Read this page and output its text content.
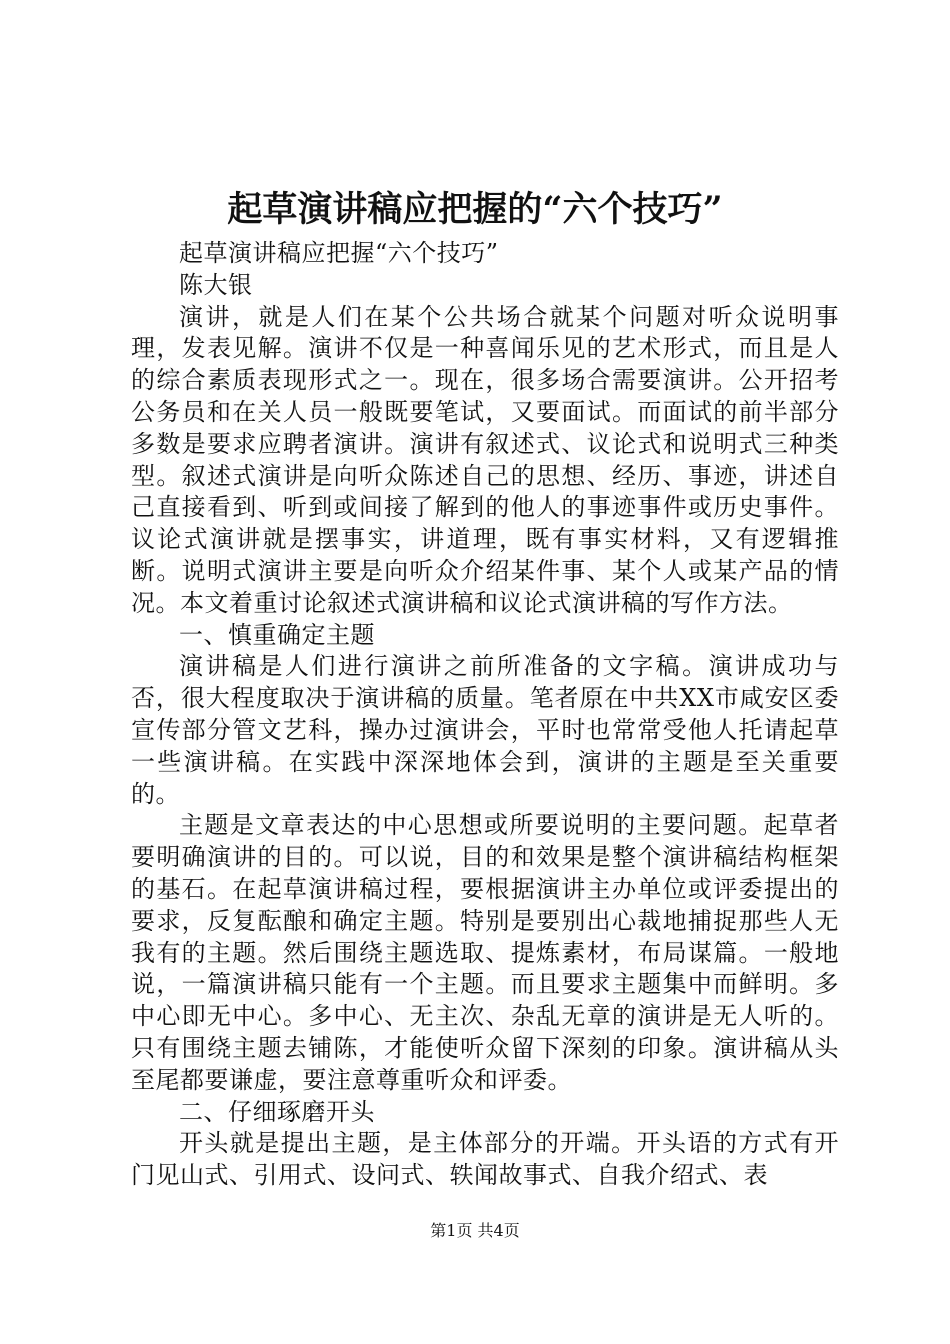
起草演讲稿应把握的“六个技巧”

起草演讲稿应把握“六个技巧”

陈大银

演讲，就是人们在某个公共场合就某个问题对听众说明事理，发表见解。演讲不仅是一种喜闻乐见的艺术形式，而且是人的综合素质表现形式之一。现在，很多场合需要演讲。公开招考公务员和在关人员一般既要笔试，又要面试。而面试的前半部分多数是要求应聘者演讲。演讲有叙述式、议论式和说明式三种类型。叙述式演讲是向听众陈述自己的思想、经历、事迹，讲述自己直接看到、听到或间接了解到的他人的事迹事件或历史事件。议论式演讲就是摆事实，讲道理，既有事实材料，又有逻辑推断。说明式演讲主要是向听众介绍某件事、某个人或某产品的情况。本文着重讨论叙述式演讲稿和议论式演讲稿的写作方法。

一、慎重确定主题

演讲稿是人们进行演讲之前所准备的文字稿。演讲成功与否，很大程度取决于演讲稿的质量。笔者原在中共XX市咸安区委宣传部分管文艺科，操办过演讲会，平时也常常受他人托请起草一些演讲稿。在实践中深深地体会到，演讲的主题是至关重要的。

主题是文章表达的中心思想或所要说明的主要问题。起草者要明确演讲的目的。可以说，目的和效果是整个演讲稿结构框架的基石。在起草演讲稿过程，要根据演讲主办单位或评委提出的要求，反复酝酿和确定主题。特别是要别出心裁地捕捉那些人无我有的主题。然后围绕主题选取、提炼素材，布局谋篇。一般地说，一篇演讲稿只能有一个主题。而且要求主题集中而鲜明。多中心即无中心。多中心、无主次、杂乱无章的演讲是无人听的。只有围绕主题去铺陈，才能使听众留下深刻的印象。演讲稿从头至尾都要谦虚，要注意尊重听众和评委。

二、仔细琢磨开头

开头就是提出主题，是主体部分的开端。开头语的方式有开门见山式、引用式、设问式、轶闻故事式、自我介绍式、表

第1页 共4页
